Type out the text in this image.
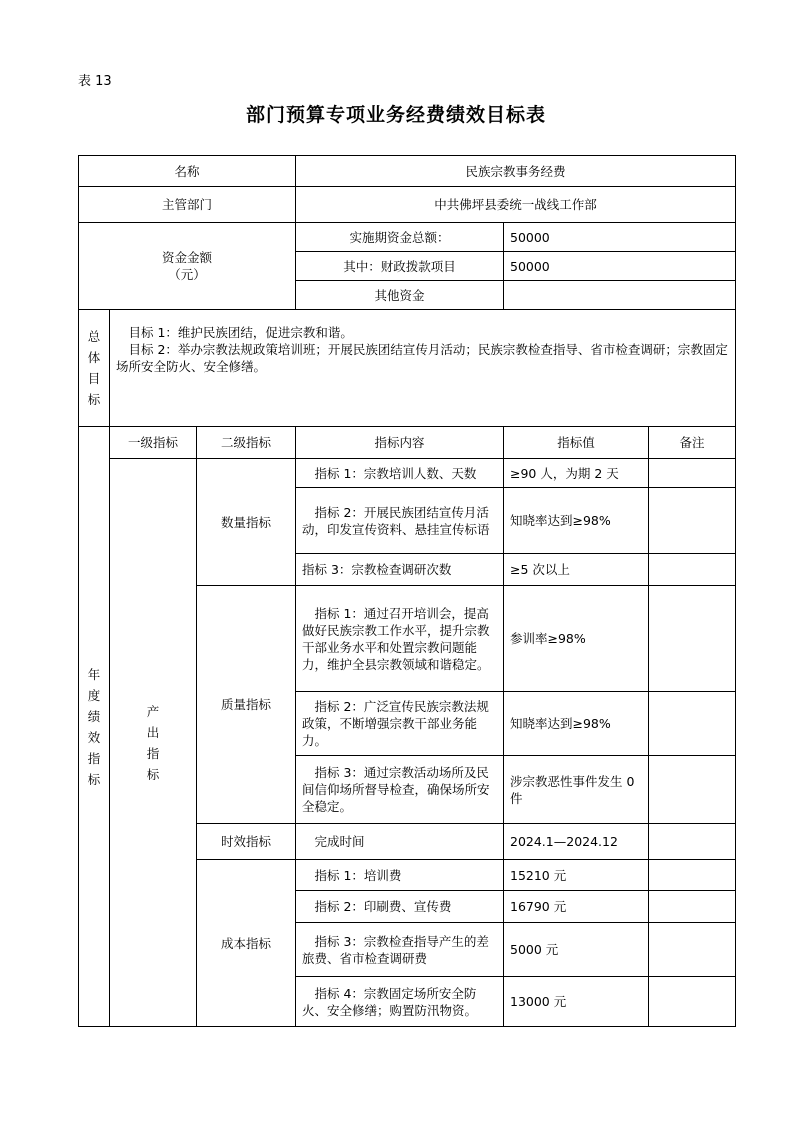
表 13
部门预算专项业务经费绩效目标表
名称			民族宗教事务经费		
主管部门			中共佛坪县委统一战线工作部		

资金金额
（元）			实施期资金总额：	50000	
			其中：财政拨款项目	50000	
			其他资金		

总体目标	目标 1：维护民族团结，促进宗教和谐。

目标 2：举办宗教法规政策培训班；开展民族团结宣传月活动；民族宗教检查指导、省市检查调研；宗教固定场所安全防火、安全修缮。				

年度绩效指标	一级指标	二级指标	指标内容	指标值	备注

	产出指标	数量指标	指标 1：宗教培训人数、天数	≥90 人，为期 2 天	
			指标 2：开展民族团结宣传月活动，印发宣传资料、悬挂宣传标语	知晓率达到≥98%	
			指标 3：宗教检查调研次数	≥5 次以上	
		质量指标	指标 1：通过召开培训会，提高做好民族宗教工作水平，提升宗教干部业务水平和处置宗教问题能力，维护全县宗教领域和谐稳定。	参训率≥98%	
			指标 2：广泛宣传民族宗教法规政策，不断增强宗教干部业务能力。	知晓率达到≥98%	
			指标 3：通过宗教活动场所及民间信仰场所督导检查，确保场所安全稳定。	涉宗教恶性事件发生 0 件	
		时效指标	完成时间	2024.1—2024.12	
		成本指标	指标 1：培训费	15210 元	
			指标 2：印刷费、宣传费	16790 元	
			指标 3：宗教检查指导产生的差旅费、省市检查调研费	5000 元	
			指标 4：宗教固定场所安全防火、安全修缮；购置防汛物资。	13000 元	
